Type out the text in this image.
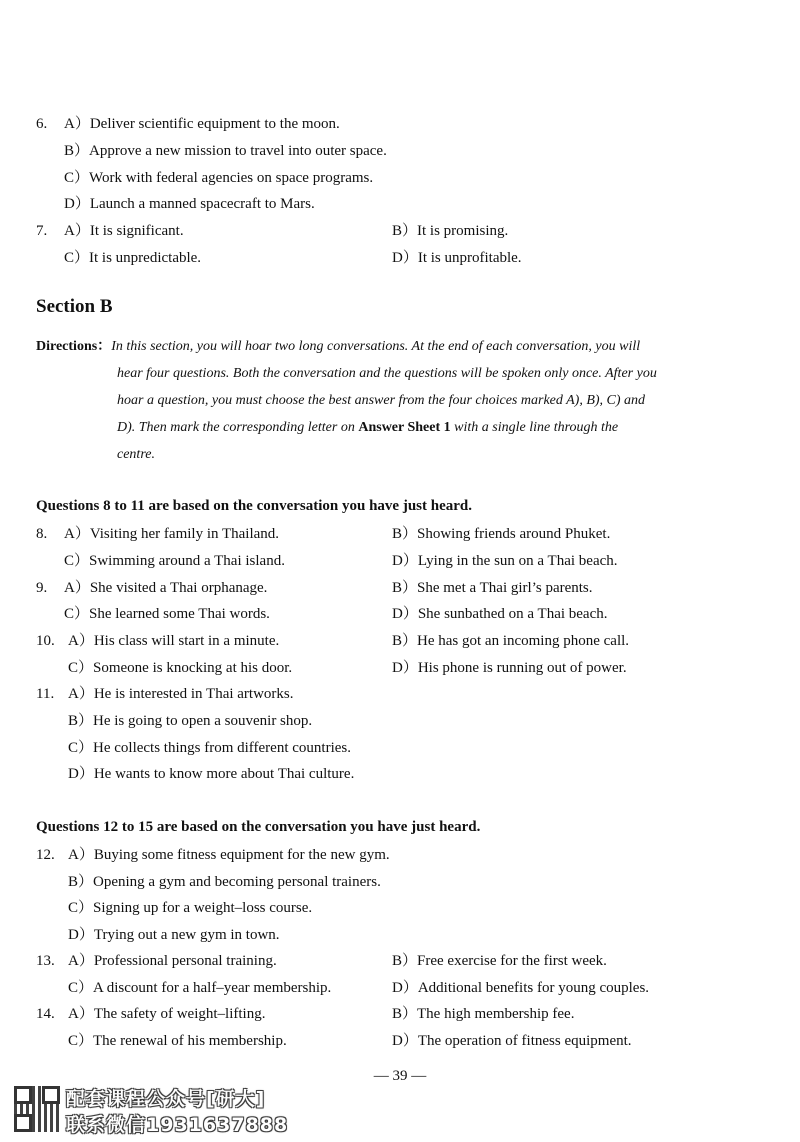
6. A）Deliver scientific equipment to the moon.
B）Approve a new mission to travel into outer space.
C）Work with federal agencies on space programs.
D）Launch a manned spacecraft to Mars.
7. A）It is significant.	B）It is promising.
C）It is unpredictable.	D）It is unprofitable.
Section B
Directions：In this section, you will hoar two long conversations. At the end of each conversation, you will
hear four questions. Both the conversation and the questions will be spoken only once. After you
hoar a question, you must choose the best answer from the four choices marked A), B), C) and
D). Then mark the corresponding letter on Answer Sheet 1 with a single line through the
centre.
Questions 8 to 11 are based on the conversation you have just heard.
8. A）Visiting her family in Thailand.	B）Showing friends around Phuket.
C）Swimming around a Thai island.	D）Lying in the sun on a Thai beach.
9. A）She visited a Thai orphanage.	B）She met a Thai girl’s parents.
C）She learned some Thai words.	D）She sunbathed on a Thai beach.
10. A）His class will start in a minute.	B）He has got an incoming phone call.
C）Someone is knocking at his door.	D）His phone is running out of power.
11. A）He is interested in Thai artworks.
B）He is going to open a souvenir shop.
C）He collects things from different countries.
D）He wants to know more about Thai culture.
Questions 12 to 15 are based on the conversation you have just heard.
12. A）Buying some fitness equipment for the new gym.
B）Opening a gym and becoming personal trainers.
C）Signing up for a weight–loss course.
D）Trying out a new gym in town.
13. A）Professional personal training.	B）Free exercise for the first week.
C）A discount for a half–year membership.	D）Additional benefits for young couples.
14. A）The safety of weight–lifting.	B）The high membership fee.
C）The renewal of his membership.	D）The operation of fitness equipment.
— 39 —
配套课程公众号[研大]
联系微信1931637888
